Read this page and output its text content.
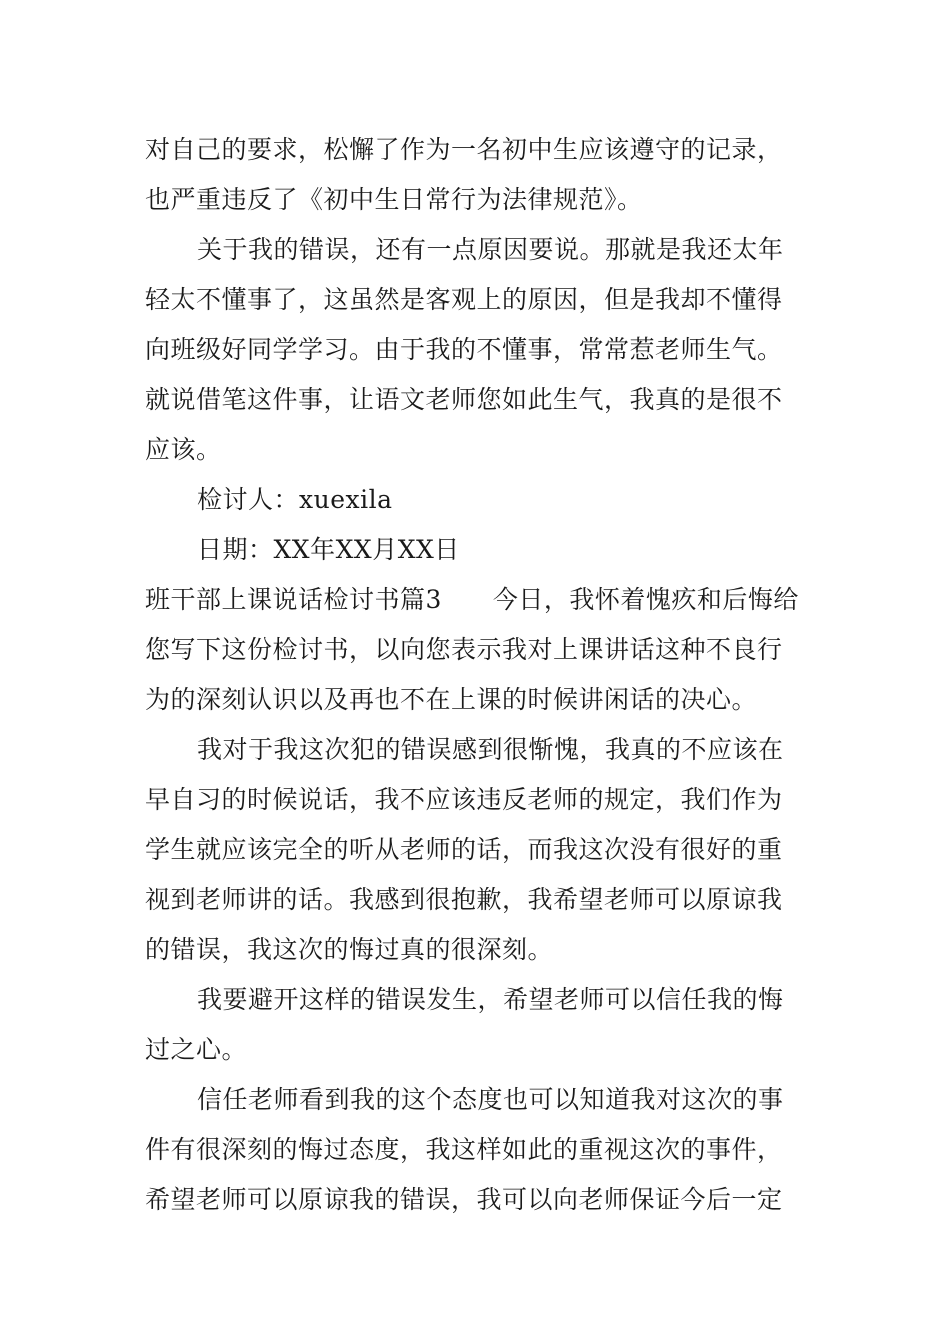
对自己的要求，松懈了作为一名初中生应该遵守的记录，
也严重违反了《初中生日常行为法律规范》。
关于我的错误，还有一点原因要说。那就是我还太年
轻太不懂事了，这虽然是客观上的原因，但是我却不懂得
向班级好同学学习。由于我的不懂事，常常惹老师生气。
就说借笔这件事，让语文老师您如此生气，我真的是很不
应该。
检讨人：xuexila
日期：XX年XX月XX日
班干部上课说话检讨书篇3　　今日，我怀着愧疚和后悔给
您写下这份检讨书，以向您表示我对上课讲话这种不良行
为的深刻认识以及再也不在上课的时候讲闲话的决心。
我对于我这次犯的错误感到很惭愧，我真的不应该在
早自习的时候说话，我不应该违反老师的规定，我们作为
学生就应该完全的听从老师的话，而我这次没有很好的重
视到老师讲的话。我感到很抱歉，我希望老师可以原谅我
的错误，我这次的悔过真的很深刻。
我要避开这样的错误发生，希望老师可以信任我的悔
过之心。
信任老师看到我的这个态度也可以知道我对这次的事
件有很深刻的悔过态度，我这样如此的重视这次的事件，
希望老师可以原谅我的错误，我可以向老师保证今后一定
